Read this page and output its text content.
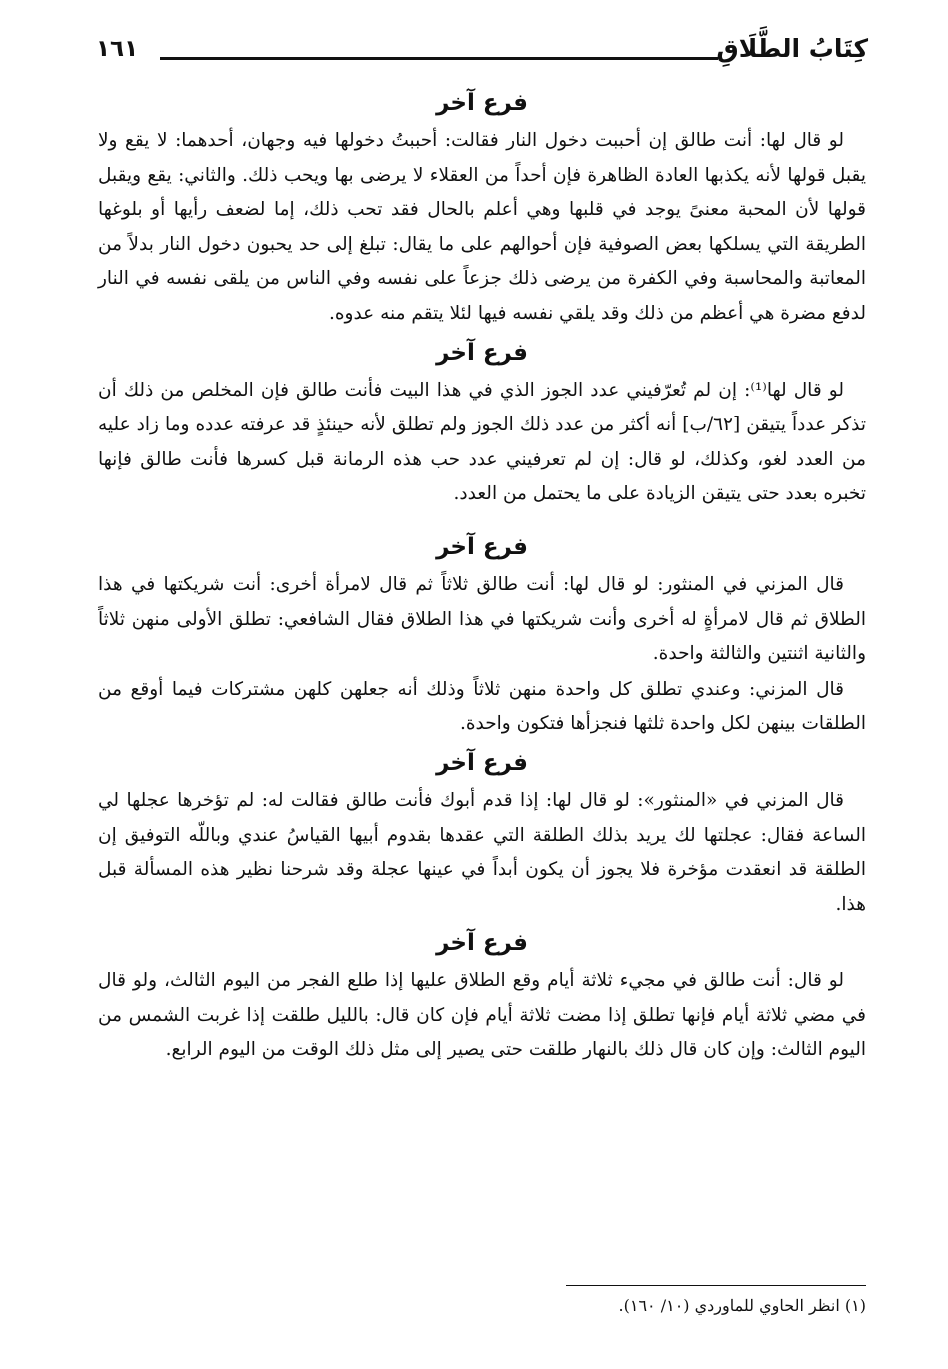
١٦١	كِتَابُ الطَّلَاقِ
فرع آخر

لو قال لها: أنت طالق إن أحببت دخول النار فقالت: أحببتُ دخولها فيه وجهان، أحدهما: لا يقع ولا يقبل قولها لأنه يكذبها العادة الظاهرة فإن أحداً من العقلاء لا يرضى بها ويحب ذلك. والثاني: يقع ويقبل قولها لأن المحبة معنىً يوجد في قلبها وهي أعلم بالحال فقد تحب ذلك، إما لضعف رأيها أو بلوغها الطريقة التي يسلكها بعض الصوفية فإن أحوالهم على ما يقال: تبلغ إلى حد يحبون دخول النار بدلاً من المعاتبة والمحاسبة وفي الكفرة من يرضى ذلك جزعاً على نفسه وفي الناس من يلقى نفسه في النار لدفع مضرة هي أعظم من ذلك وقد يلقي نفسه فيها لئلا يتقم منه عدوه.

فرع آخر

لو قال لها⁽¹⁾: إن لم تُعرّفيني عدد الجوز الذي في هذا البيت فأنت طالق فإن المخلص من ذلك أن تذكر عدداً يتيقن [٦٢/ب] أنه أكثر من عدد ذلك الجوز ولم تطلق لأنه حينئذٍ قد عرفته عدده وما زاد عليه من العدد لغو، وكذلك، لو قال: إن لم تعرفيني عدد حب هذه الرمانة قبل كسرها فأنت طالق فإنها تخبره بعدد حتى يتيقن الزيادة على ما يحتمل من العدد.

فرع آخر

قال المزني في المنثور: لو قال لها: أنت طالق ثلاثاً ثم قال لامرأة أخرى: أنت شريكتها في هذا الطلاق ثم قال لامرأةٍ له أخرى وأنت شريكتها في هذا الطلاق فقال الشافعي: تطلق الأولى منهن ثلاثاً والثانية اثنتين والثالثة واحدة.

قال المزني: وعندي تطلق كل واحدة منهن ثلاثاً وذلك أنه جعلهن كلهن مشتركات فيما أوقع من الطلقات بينهن لكل واحدة ثلثها فنجزأها فتكون واحدة.

فرع آخر

قال المزني في «المنثور»: لو قال لها: إذا قدم أبوك فأنت طالق فقالت له: لم تؤخرها عجلها لي الساعة فقال: عجلتها لك يريد بذلك الطلقة التي عقدها بقدوم أبيها القياسُ عندي وباللّه التوفيق إن الطلقة قد انعقدت مؤخرة فلا يجوز أن يكون أبداً في عينها عجلة وقد شرحنا نظير هذه المسألة قبل هذا.

فرع آخر

لو قال: أنت طالق في مجيء ثلاثة أيام وقع الطلاق عليها إذا طلع الفجر من اليوم الثالث، ولو قال في مضي ثلاثة أيام فإنها تطلق إذا مضت ثلاثة أيام فإن كان قال: بالليل طلقت إذا غربت الشمس من اليوم الثالث: وإن كان قال ذلك بالنهار طلقت حتى يصير إلى مثل ذلك الوقت من اليوم الرابع.

(١) انظر الحاوي للماوردي (١٠/ ١٦٠).
